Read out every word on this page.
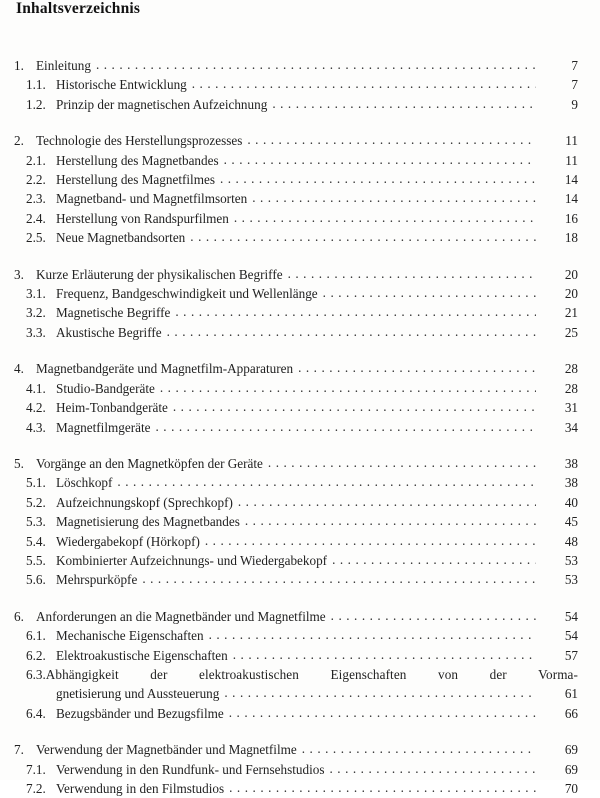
Inhaltsverzeichnis
1. Einleitung . . .	7
1.1. Historische Entwicklung . . .	7
1.2. Prinzip der magnetischen Aufzeichnung . . .	9
2. Technologie des Herstellungsprozesses . . .	11
2.1. Herstellung des Magnetbandes . . .	11
2.2. Herstellung des Magnetfilmes . . .	14
2.3. Magnetband- und Magnetfilmsorten . . .	14
2.4. Herstellung von Randspurfilmen . . .	16
2.5. Neue Magnetbandsorten . . .	18
3. Kurze Erläuterung der physikalischen Begriffe . . .	20
3.1. Frequenz, Bandgeschwindigkeit und Wellenlänge . . .	20
3.2. Magnetische Begriffe . . .	21
3.3. Akustische Begriffe . . .	25
4. Magnetbandgeräte und Magnetfilm-Apparaturen . . .	28
4.1. Studio-Bandgeräte . . .	28
4.2. Heim-Tonbandgeräte . . .	31
4.3. Magnetfilmgeräte . . .	34
5. Vorgänge an den Magnetköpfen der Geräte . . .	38
5.1. Löschkopf . . .	38
5.2. Aufzeichnungskopf (Sprechkopf) . . .	40
5.3. Magnetisierung des Magnetbandes . . .	45
5.4. Wiedergabekopf (Hörkopf) . . .	48
5.5. Kombinierter Aufzeichnungs- und Wiedergabekopf . . .	53
5.6. Mehrspurköpfe . . .	53
6. Anforderungen an die Magnetbänder und Magnetfilme . . .	54
6.1. Mechanische Eigenschaften . . .	54
6.2. Elektroakustische Eigenschaften . . .	57
6.3. Abhängigkeit der elektroakustischen Eigenschaften von der Vorma-
gnetisierung und Aussteuerung . . .	61
6.4. Bezugsbänder und Bezugsfilme . . .	66
7. Verwendung der Magnetbänder und Magnetfilme . . .	69
7.1. Verwendung in den Rundfunk- und Fernsehstudios . . .	69
7.2. Verwendung in den Filmstudios . . .	70
